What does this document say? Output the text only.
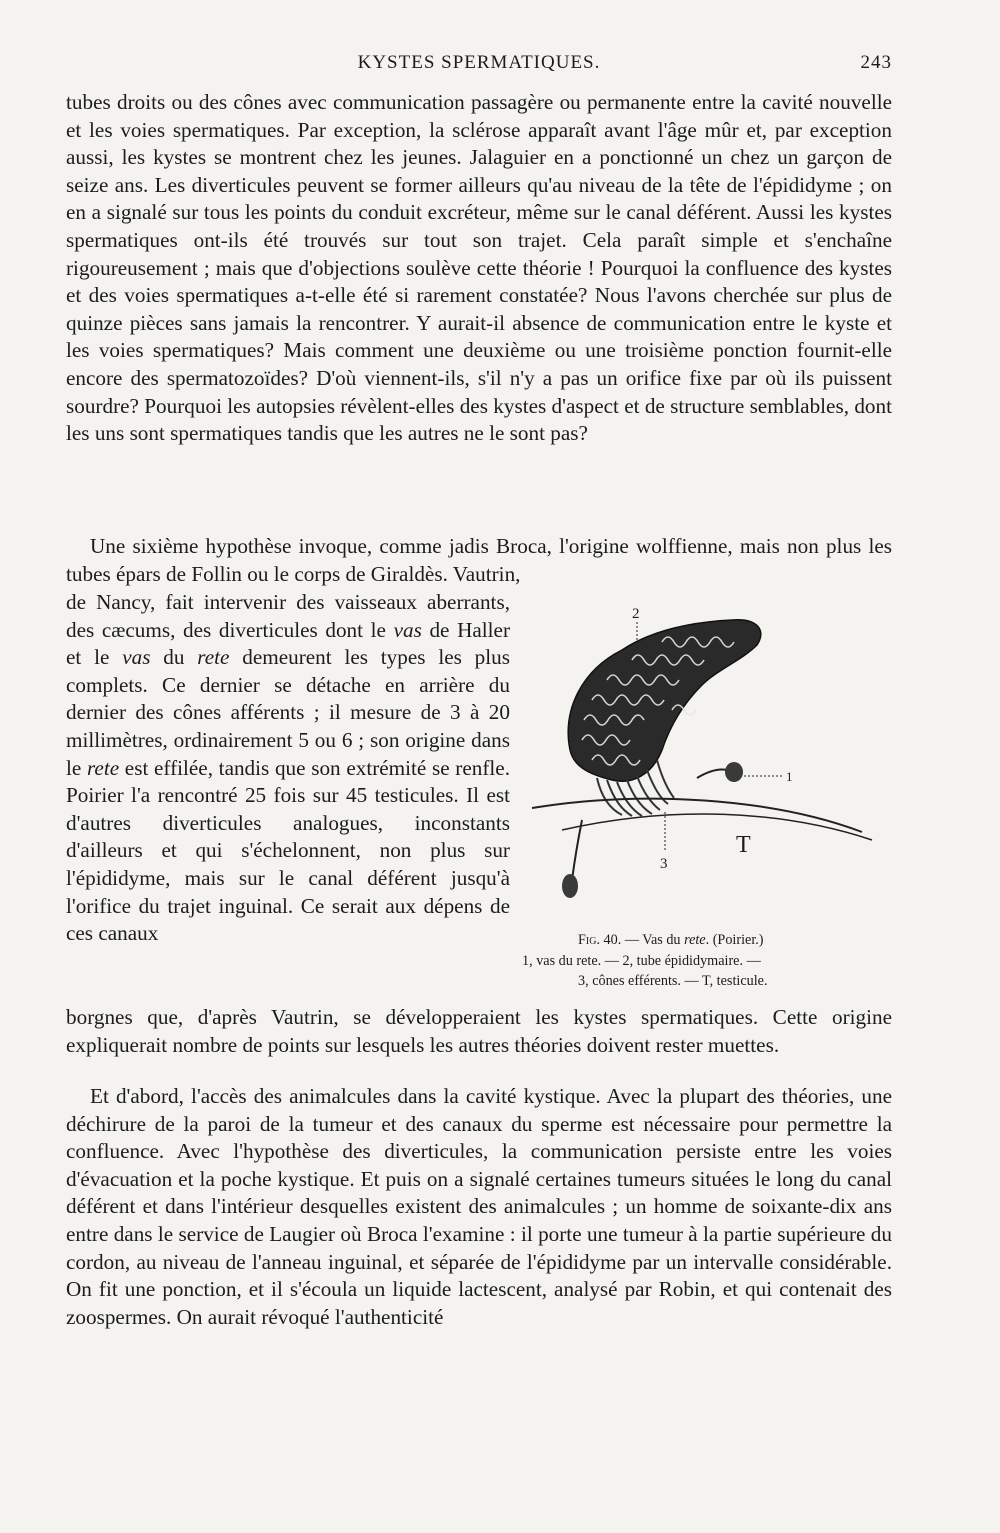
KYSTES SPERMATIQUES.	243

tubes droits ou des cônes avec communication passagère ou permanente entre la cavité nouvelle et les voies spermatiques. Par exception, la sclérose apparaît avant l'âge mûr et, par exception aussi, les kystes se montrent chez les jeunes. Jalaguier en a ponctionné un chez un garçon de seize ans. Les diverticules peuvent se former ailleurs qu'au niveau de la tête de l'épididyme ; on en a signalé sur tous les points du conduit excréteur, même sur le canal déférent. Aussi les kystes spermatiques ont-ils été trouvés sur tout son trajet. Cela paraît simple et s'enchaîne rigoureusement ; mais que d'objections soulève cette théorie ! Pourquoi la confluence des kystes et des voies spermatiques a-t-elle été si rarement constatée? Nous l'avons cherchée sur plus de quinze pièces sans jamais la rencontrer. Y aurait-il absence de communication entre le kyste et les voies spermatiques? Mais comment une deuxième ou une troisième ponction fournit-elle encore des spermatozoïdes? D'où viennent-ils, s'il n'y a pas un orifice fixe par où ils puissent sourdre? Pourquoi les autopsies révèlent-elles des kystes d'aspect et de structure semblables, dont les uns sont spermatiques tandis que les autres ne le sont pas?

Une sixième hypothèse invoque, comme jadis Broca, l'origine wolffienne, mais non plus les tubes épars de Follin ou le corps de Giraldès. Vautrin,

de Nancy, fait intervenir des vaisseaux aberrants, des cæcums, des diverticules dont le vas de Haller et le vas du rete demeurent les types les plus complets. Ce dernier se détache en arrière du dernier des cônes afférents ; il mesure de 3 à 20 millimètres, ordinairement 5 ou 6 ; son origine dans le rete est effilée, tandis que son extrémité se renfle. Poirier l'a rencontré 25 fois sur 45 testicules. Il est d'autres diverticules analogues, inconstants d'ailleurs et qui s'échelonnent, non plus sur l'épididyme, mais sur le canal déférent jusqu'à l'orifice du trajet inguinal. Ce serait aux dépens de ces canaux

2
1
3
T
Fig. 40. — Vas du rete. (Poirier.)
1, vas du rete. — 2, tube épididymaire. —
3, cônes efférents. — T, testicule.

borgnes que, d'après Vautrin, se développeraient les kystes spermatiques. Cette origine expliquerait nombre de points sur lesquels les autres théories doivent rester muettes.

Et d'abord, l'accès des animalcules dans la cavité kystique. Avec la plupart des théories, une déchirure de la paroi de la tumeur et des canaux du sperme est nécessaire pour permettre la confluence. Avec l'hypothèse des diverticules, la communication persiste entre les voies d'évacuation et la poche kystique. Et puis on a signalé certaines tumeurs situées le long du canal déférent et dans l'intérieur desquelles existent des animalcules ; un homme de soixante-dix ans entre dans le service de Laugier où Broca l'examine : il porte une tumeur à la partie supérieure du cordon, au niveau de l'anneau inguinal, et séparée de l'épididyme par un intervalle considérable. On fit une ponction, et il s'écoula un liquide lactescent, analysé par Robin, et qui contenait des zoospermes. On aurait révoqué l'authenticité
